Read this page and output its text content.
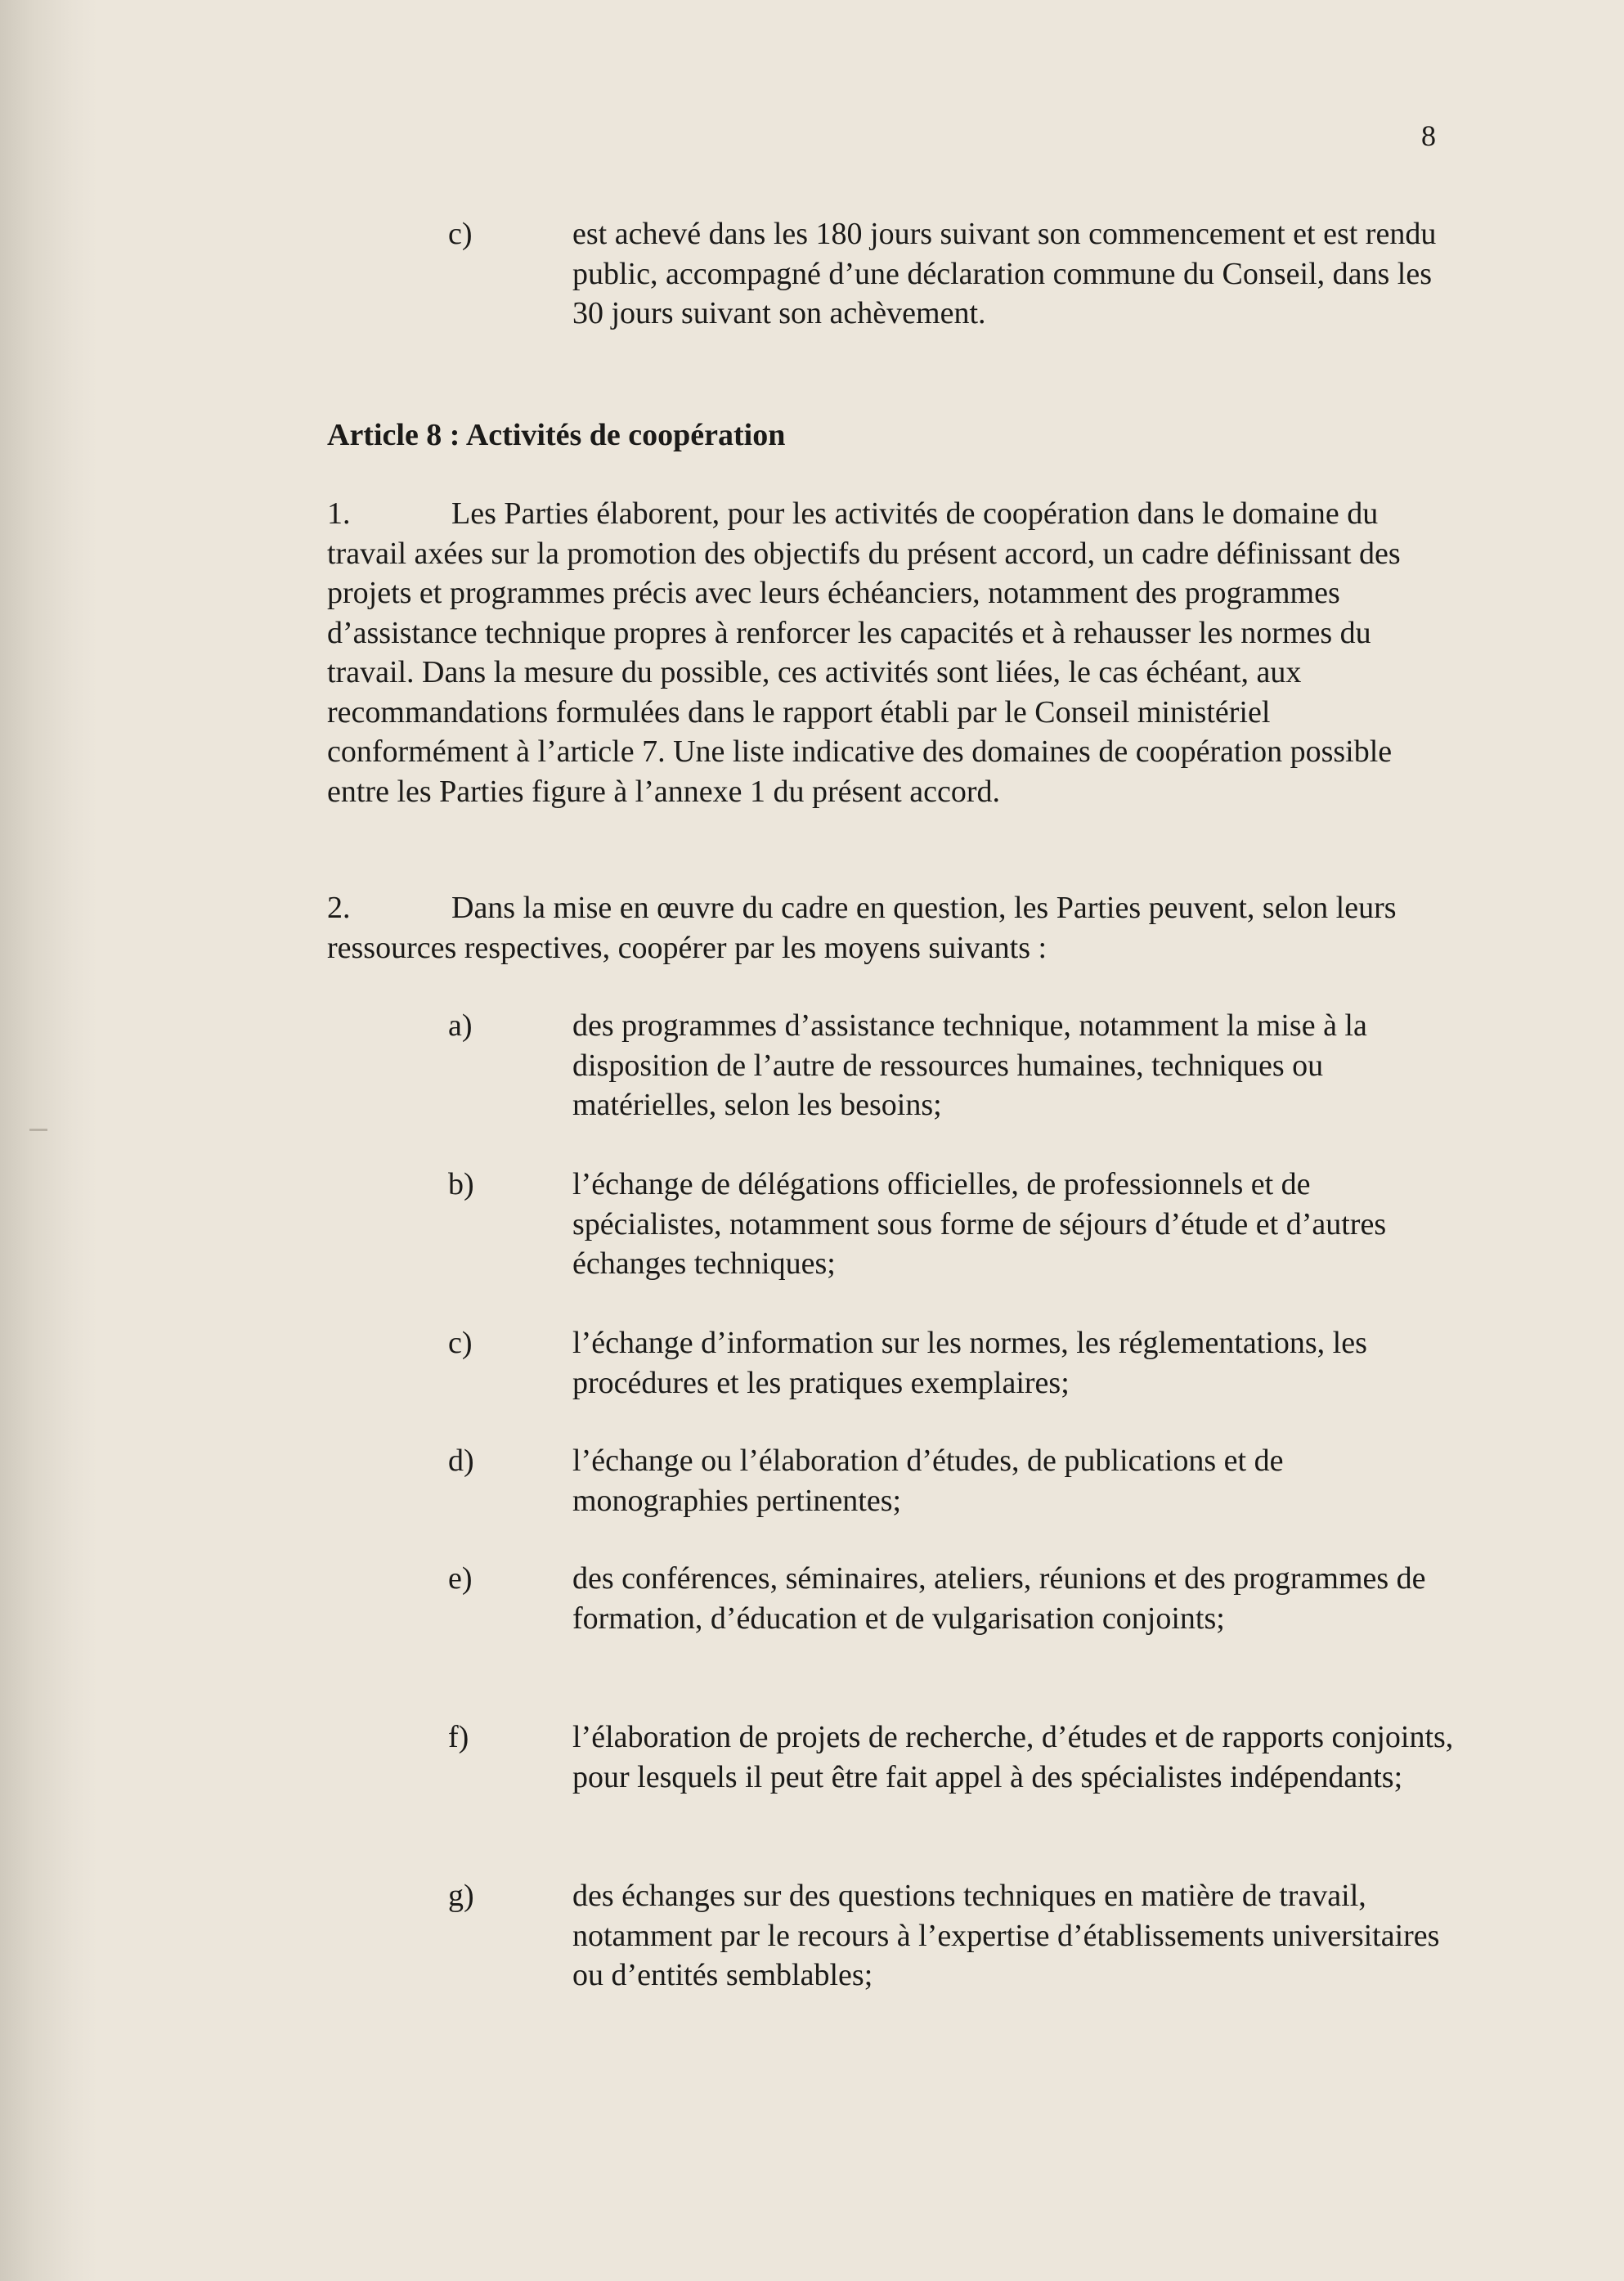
8
c)	est achevé dans les 180 jours suivant son commencement et est rendu public, accompagné d’une déclaration commune du Conseil, dans les 30 jours suivant son achèvement.
Article 8 : Activités de coopération

1.	Les Parties élaborent, pour les activités de coopération dans le domaine du travail axées sur la promotion des objectifs du présent accord, un cadre définissant des projets et programmes précis avec leurs échéanciers, notamment des programmes d’assistance technique propres à renforcer les capacités et à rehausser les normes du travail. Dans la mesure du possible, ces activités sont liées, le cas échéant, aux recommandations formulées dans le rapport établi par le Conseil ministériel conformément à l’article 7. Une liste indicative des domaines de coopération possible entre les Parties figure à l’annexe 1 du présent accord.

2.	Dans la mise en œuvre du cadre en question, les Parties peuvent, selon leurs ressources respectives, coopérer par les moyens suivants :

a)	des programmes d’assistance technique, notamment la mise à la disposition de l’autre de ressources humaines, techniques ou matérielles, selon les besoins;
b)	l’échange de délégations officielles, de professionnels et de spécialistes, notamment sous forme de séjours d’étude et d’autres échanges techniques;
c)	l’échange d’information sur les normes, les réglementations, les procédures et les pratiques exemplaires;
d)	l’échange ou l’élaboration d’études, de publications et de monographies pertinentes;
e)	des conférences, séminaires, ateliers, réunions et des programmes de formation, d’éducation et de vulgarisation conjoints;
f)	l’élaboration de projets de recherche, d’études et de rapports conjoints, pour lesquels il peut être fait appel à des spécialistes indépendants;
g)	des échanges sur des questions techniques en matière de travail, notamment par le recours à l’expertise d’établissements universitaires ou d’entités semblables;
